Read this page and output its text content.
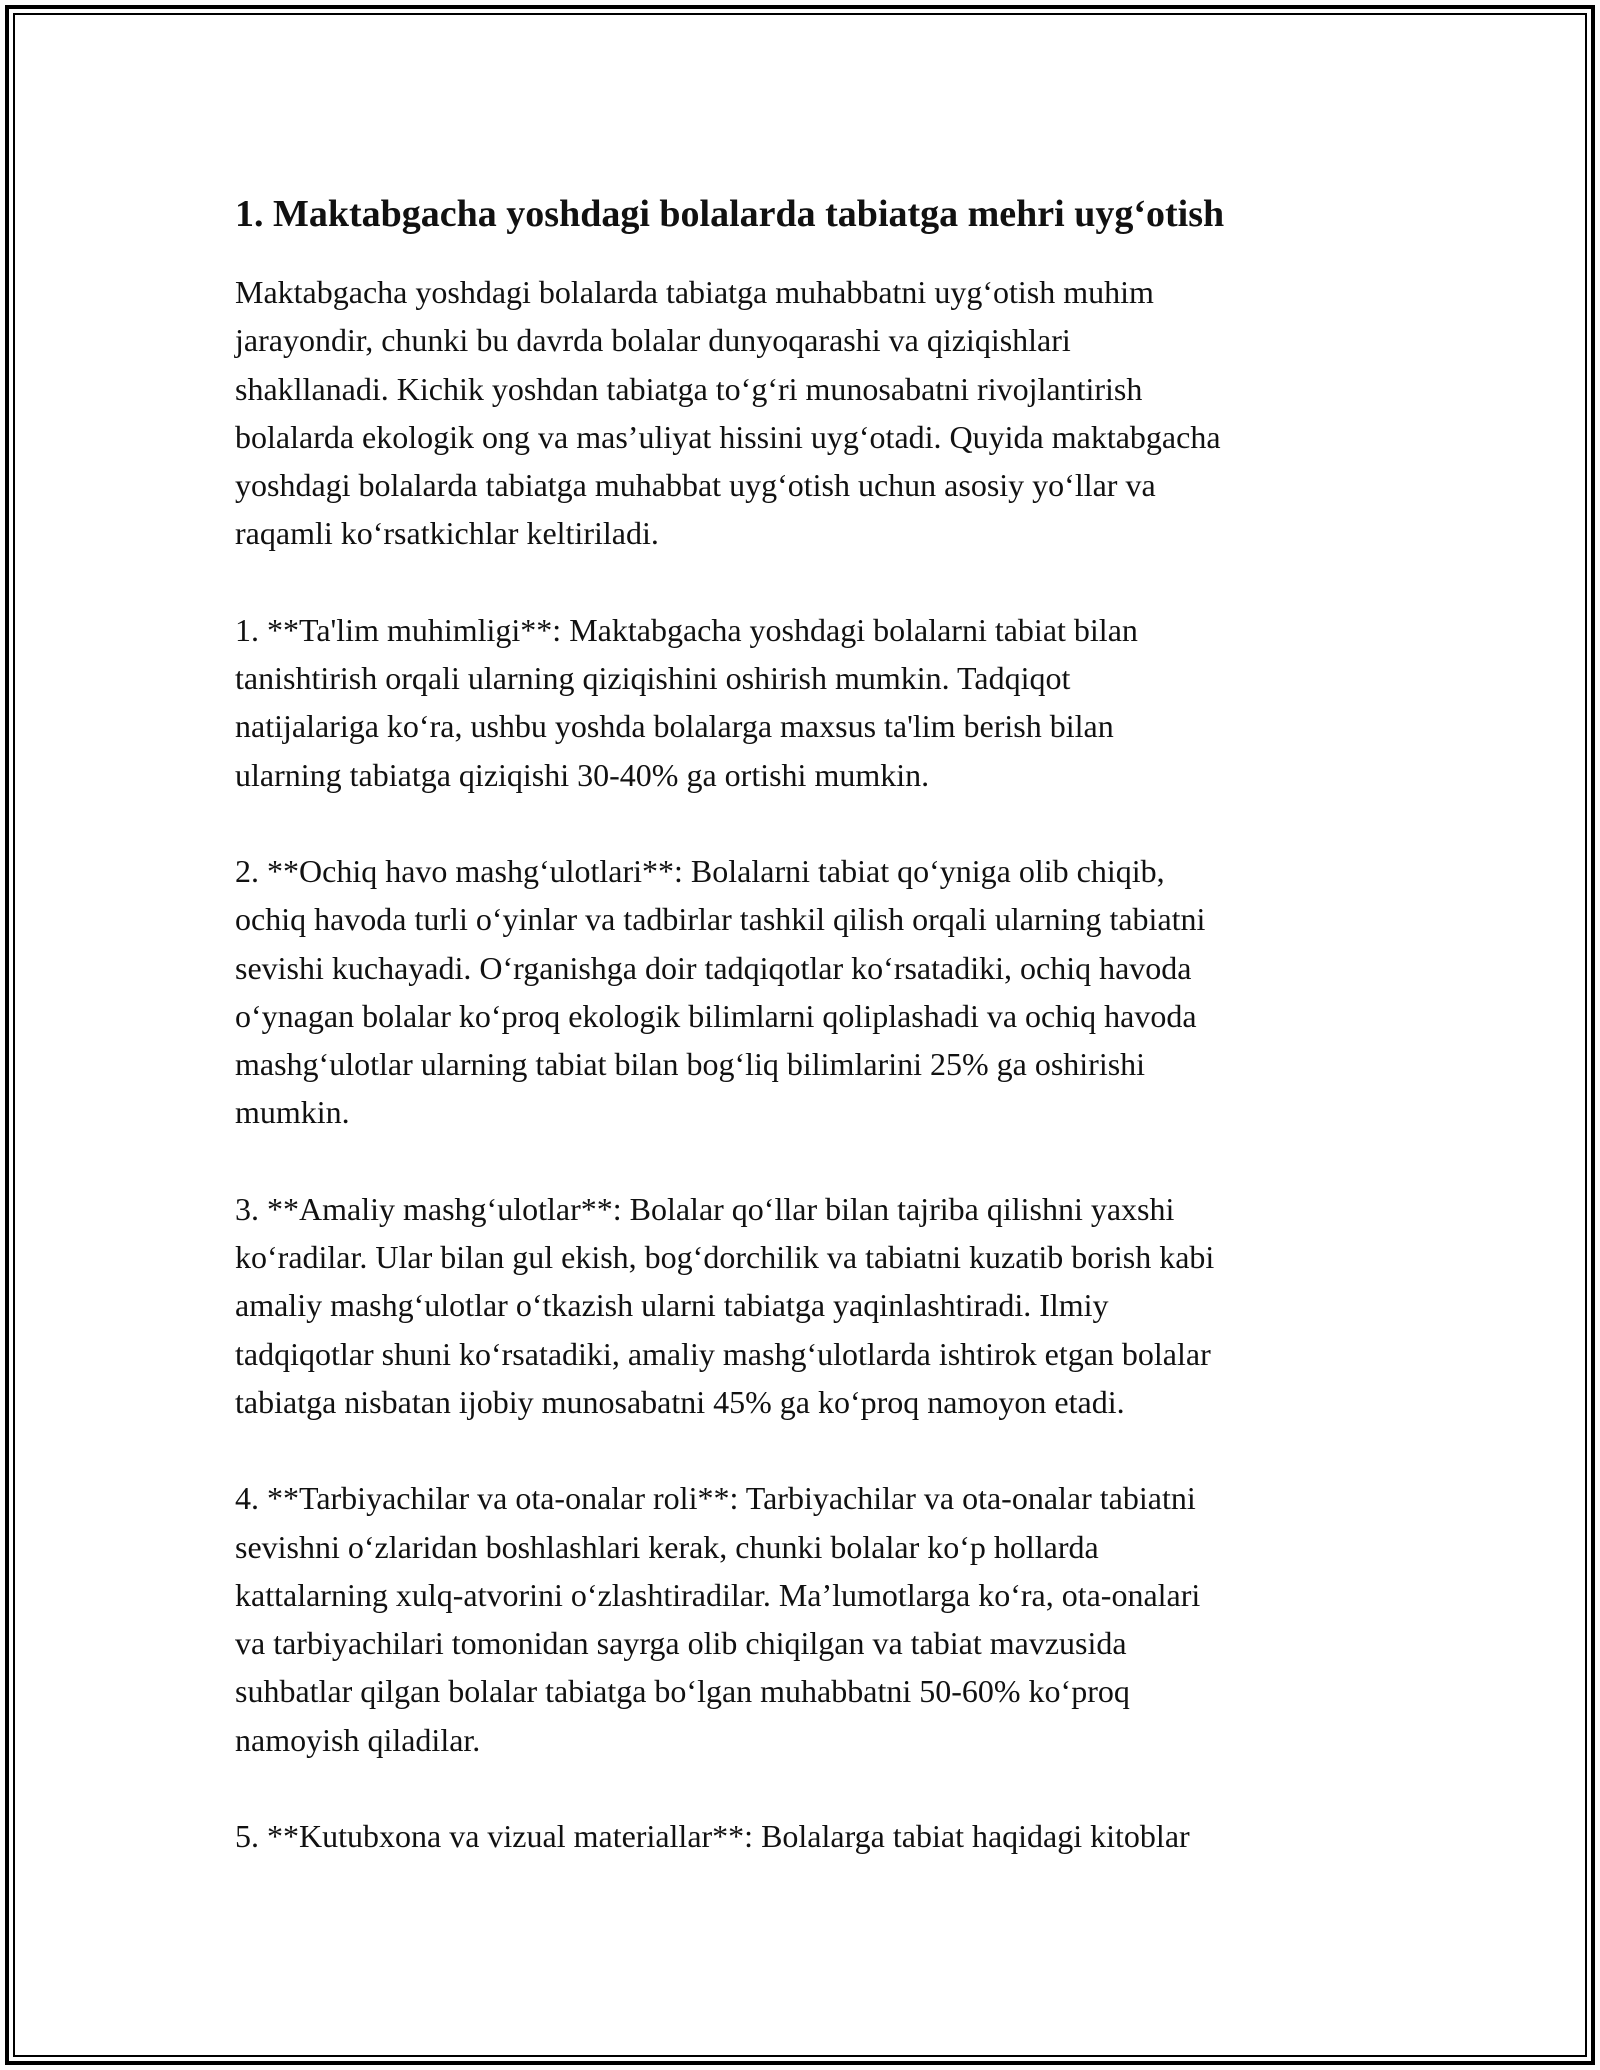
1. Maktabgacha yoshdagi bolalarda tabiatga mehri uyg‘otish

Maktabgacha yoshdagi bolalarda tabiatga muhabbatni uyg‘otish muhim
jarayondir, chunki bu davrda bolalar dunyoqarashi va qiziqishlari
shakllanadi. Kichik yoshdan tabiatga to‘g‘ri munosabatni rivojlantirish
bolalarda ekologik ong va mas’uliyat hissini uyg‘otadi. Quyida maktabgacha
yoshdagi bolalarda tabiatga muhabbat uyg‘otish uchun asosiy yo‘llar va
raqamli ko‘rsatkichlar keltiriladi.

1. **Ta'lim muhimligi**: Maktabgacha yoshdagi bolalarni tabiat bilan
tanishtirish orqali ularning qiziqishini oshirish mumkin. Tadqiqot
natijalariga ko‘ra, ushbu yoshda bolalarga maxsus ta'lim berish bilan
ularning tabiatga qiziqishi 30-40% ga ortishi mumkin.

2. **Ochiq havo mashg‘ulotlari**: Bolalarni tabiat qo‘yniga olib chiqib,
ochiq havoda turli o‘yinlar va tadbirlar tashkil qilish orqali ularning tabiatni
sevishi kuchayadi. O‘rganishga doir tadqiqotlar ko‘rsatadiki, ochiq havoda
o‘ynagan bolalar ko‘proq ekologik bilimlarni qoliplashadi va ochiq havoda
mashg‘ulotlar ularning tabiat bilan bog‘liq bilimlarini 25% ga oshirishi
mumkin.

3. **Amaliy mashg‘ulotlar**: Bolalar qo‘llar bilan tajriba qilishni yaxshi
ko‘radilar. Ular bilan gul ekish, bog‘dorchilik va tabiatni kuzatib borish kabi
amaliy mashg‘ulotlar o‘tkazish ularni tabiatga yaqinlashtiradi. Ilmiy
tadqiqotlar shuni ko‘rsatadiki, amaliy mashg‘ulotlarda ishtirok etgan bolalar
tabiatga nisbatan ijobiy munosabatni 45% ga ko‘proq namoyon etadi.

4. **Tarbiyachilar va ota-onalar roli**: Tarbiyachilar va ota-onalar tabiatni
sevishni o‘zlaridan boshlashlari kerak, chunki bolalar ko‘p hollarda
kattalarning xulq-atvorini o‘zlashtiradilar. Ma’lumotlarga ko‘ra, ota-onalari
va tarbiyachilari tomonidan sayrga olib chiqilgan va tabiat mavzusida
suhbatlar qilgan bolalar tabiatga bo‘lgan muhabbatni 50-60% ko‘proq
namoyish qiladilar.

5. **Kutubxona va vizual materiallar**: Bolalarga tabiat haqidagi kitoblar
